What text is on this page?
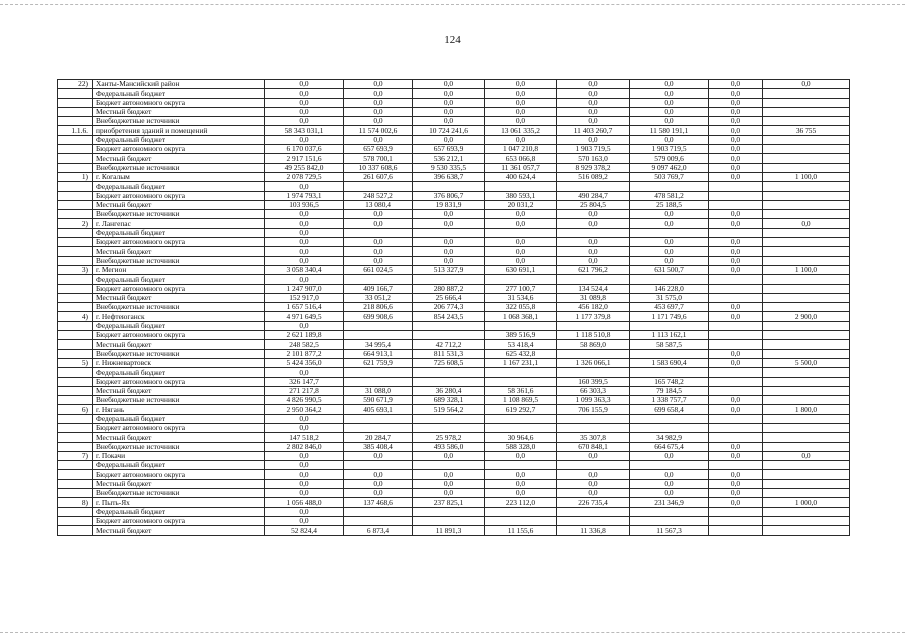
124
22)	Ханты-Мансийский район	0,0	0,0	0,0	0,0	0,0	0,0	0,0	0,0
	Федеральный бюджет	0,0	0,0	0,0	0,0	0,0	0,0	0,0	
	Бюджет автономного округа	0,0	0,0	0,0	0,0	0,0	0,0	0,0	
	Местный бюджет	0,0	0,0	0,0	0,0	0,0	0,0	0,0	
	Внебюджетные источники	0,0	0,0	0,0	0,0	0,0	0,0	0,0	
1.1.6.	приобретения зданий и помещений	58 343 031,1	11 574 002,6	10 724 241,6	13 061 335,2	11 403 260,7	11 580 191,1	0,0	36 755
	Федеральный бюджет	0,0	0,0	0,0	0,0	0,0	0,0	0,0	
	Бюджет автономного округа	6 170 037,6	657 693,9	657 693,9	1 047 210,8	1 903 719,5	1 903 719,5	0,0	
	Местный бюджет	2 917 151,6	578 700,1	536 212,1	653 066,8	570 163,0	579 009,6	0,0	
	Внебюджетные источники	49 255 842,0	10 337 608,6	9 530 335,5	11 361 057,7	8 929 378,2	9 097 462,0	0,0	
1)	г. Когалым	2 078 729,5	261 607,6	396 638,7	400 624,4	516 089,2	503 769,7	0,0	1 100,0
	Федеральный бюджет	0,0							
	Бюджет автономного округа	1 974 793,1	248 527,2	376 806,7	380 593,1	490 284,7	478 581,2		
	Местный бюджет	103 936,5	13 080,4	19 831,9	20 031,2	25 804,5	25 188,5		
	Внебюджетные источники	0,0	0,0	0,0	0,0	0,0	0,0	0,0	
2)	г. Лангепас	0,0	0,0	0,0	0,0	0,0	0,0	0,0	0,0
	Федеральный бюджет	0,0							
	Бюджет автономного округа	0,0	0,0	0,0	0,0	0,0	0,0	0,0	
	Местный бюджет	0,0	0,0	0,0	0,0	0,0	0,0	0,0	
	Внебюджетные источники	0,0	0,0	0,0	0,0	0,0	0,0	0,0	
3)	г. Мегион	3 058 340,4	661 024,5	513 327,9	630 691,1	621 796,2	631 500,7	0,0	1 100,0
	Федеральный бюджет	0,0							
	Бюджет автономного округа	1 247 907,0	409 166,7	280 887,2	277 100,7	134 524,4	146 228,0		
	Местный бюджет	152 917,0	33 051,2	25 666,4	31 534,6	31 089,8	31 575,0		
	Внебюджетные источники	1 657 516,4	218 806,6	206 774,3	322 055,8	456 182,0	453 697,7	0,0	
4)	г. Нефтеюганск	4 971 649,5	699 908,6	854 243,5	1 068 368,1	1 177 379,8	1 171 749,6	0,0	2 900,0
	Федеральный бюджет	0,0							
	Бюджет автономного округа	2 621 189,8			389 516,9	1 118 510,8	1 113 162,1		
	Местный бюджет	248 582,5	34 995,4	42 712,2	53 418,4	58 869,0	58 587,5		
	Внебюджетные источники	2 101 877,2	664 913,1	811 531,3	625 432,8			0,0	
5)	г. Нижневартовск	5 424 356,0	621 759,9	725 608,5	1 167 231,1	1 326 066,1	1 583 690,4	0,0	5 500,0
	Федеральный бюджет	0,0							
	Бюджет автономного округа	326 147,7				160 399,5	165 748,2		
	Местный бюджет	271 217,8	31 088,0	36 280,4	58 361,6	66 303,3	79 184,5		
	Внебюджетные источники	4 826 990,5	590 671,9	689 328,1	1 108 869,5	1 099 363,3	1 338 757,7	0,0	
6)	г. Нягань	2 950 364,2	405 693,1	519 564,2	619 292,7	706 155,9	699 658,4	0,0	1 800,0
	Федеральный бюджет	0,0							
	Бюджет автономного округа	0,0							
	Местный бюджет	147 518,2	20 284,7	25 978,2	30 964,6	35 307,8	34 982,9		
	Внебюджетные источники	2 802 846,0	385 408,4	493 586,0	588 328,0	670 848,1	664 675,4	0,0	
7)	г. Покачи	0,0	0,0	0,0	0,0	0,0	0,0	0,0	0,0
	Федеральный бюджет	0,0							
	Бюджет автономного округа	0,0	0,0	0,0	0,0	0,0	0,0	0,0	
	Местный бюджет	0,0	0,0	0,0	0,0	0,0	0,0	0,0	
	Внебюджетные источники	0,0	0,0	0,0	0,0	0,0	0,0	0,0	
8)	г. Пыть-Ях	1 056 488,0	137 468,6	237 825,1	223 112,0	226 735,4	231 346,9	0,0	1 000,0
	Федеральный бюджет	0,0							
	Бюджет автономного округа	0,0							
	Местный бюджет	52 824,4	6 873,4	11 891,3	11 155,6	11 336,8	11 567,3		
